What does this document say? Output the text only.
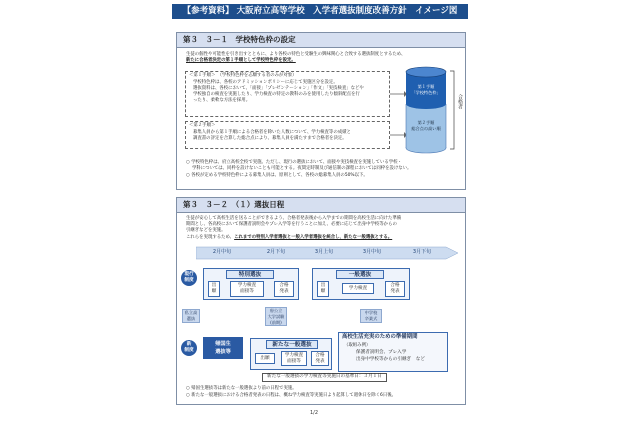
【参考資料】 大阪府立高等学校　入学者選抜制度改善方針　イメージ図
第３　３－１　学校特色枠の設定
生徒の個性や可能性を引き出すとともに、より各校の特色と受験生の興味関心と合致する選抜制度とするため、
新たに合格者決定の第１手順として学校特色枠を設定。
＜第１手順＞　（学校特色枠を志願する者のみが対象）
学校特色枠は、各校のアドミッションポリシーに応じて実施区分を設定。
選抜資料は、各校において、「面接」「プレゼンテーション」「作文」「実技検査」などや
学校独自の検査を実施したり、学力検査の特定の教科のみを使用したり傾斜配点を行
ったり、柔軟な方法を採用。
＜第２手順＞
募集人員から第１手順による合格者を除いた人数について、学力検査等の成績と
調査書の評定を合算した総合点により、募集人員を満たすまで合格者を決定。
第１手順
「学校特色枠」
第２手順
総合点の高い順
合格者
○ 学校特色枠は、府立高校全校で実施。ただし、現行の選抜において、面接や実技検査を実施している学校・
学科については、同枠を設けないことも可能とする。夜間定時制及び通信制の課程においては同枠を設けない。
○ 各校が定める学校特色枠による募集人員は、原則として、各校の総募集人員の50%以下。
第３　３－２　（１）選抜日程
生徒が安心して高校生活を送ることができるよう、合格者発表後から入学までの期間を高校生活に向けた準備
期間とし、各高校において保護者説明会やプレ入学等を行うことに加え、必要に応じて出身中学校等からの
引継ぎなどを実施。
これらを実現するため、これまでの特別入学者選抜と一般入学者選抜を統合し、新たな一般選抜とする。
2月中旬	2月下旬	3月上旬	3月中旬	3月下旬
現行
制度
特別選抜
出
願
学力検査
面接等
合格
発表
一般選抜
出
願
学力検査	合格
発表
私立高
選抜
府公立
大学試験
(前期)
中学校
卒業式
新
制度
帰国生
選抜等
新たな一般選抜
出願
学力検査
面接等
合格
発表
高校生活充実のための準備期間
（取組み例）
保護者説明会、プレ入学
出身中学校等からの引継ぎ　など
新たな一般選抜の学力検査等実施日の基準日：３月１日
○ 帰国生選抜等は新たな一般選抜より前の日程で実施。
○ 新たな一般選抜における合格者発表の日程は、概ね学力検査等実施日より起算して週休日を除く6日後。
1/2
